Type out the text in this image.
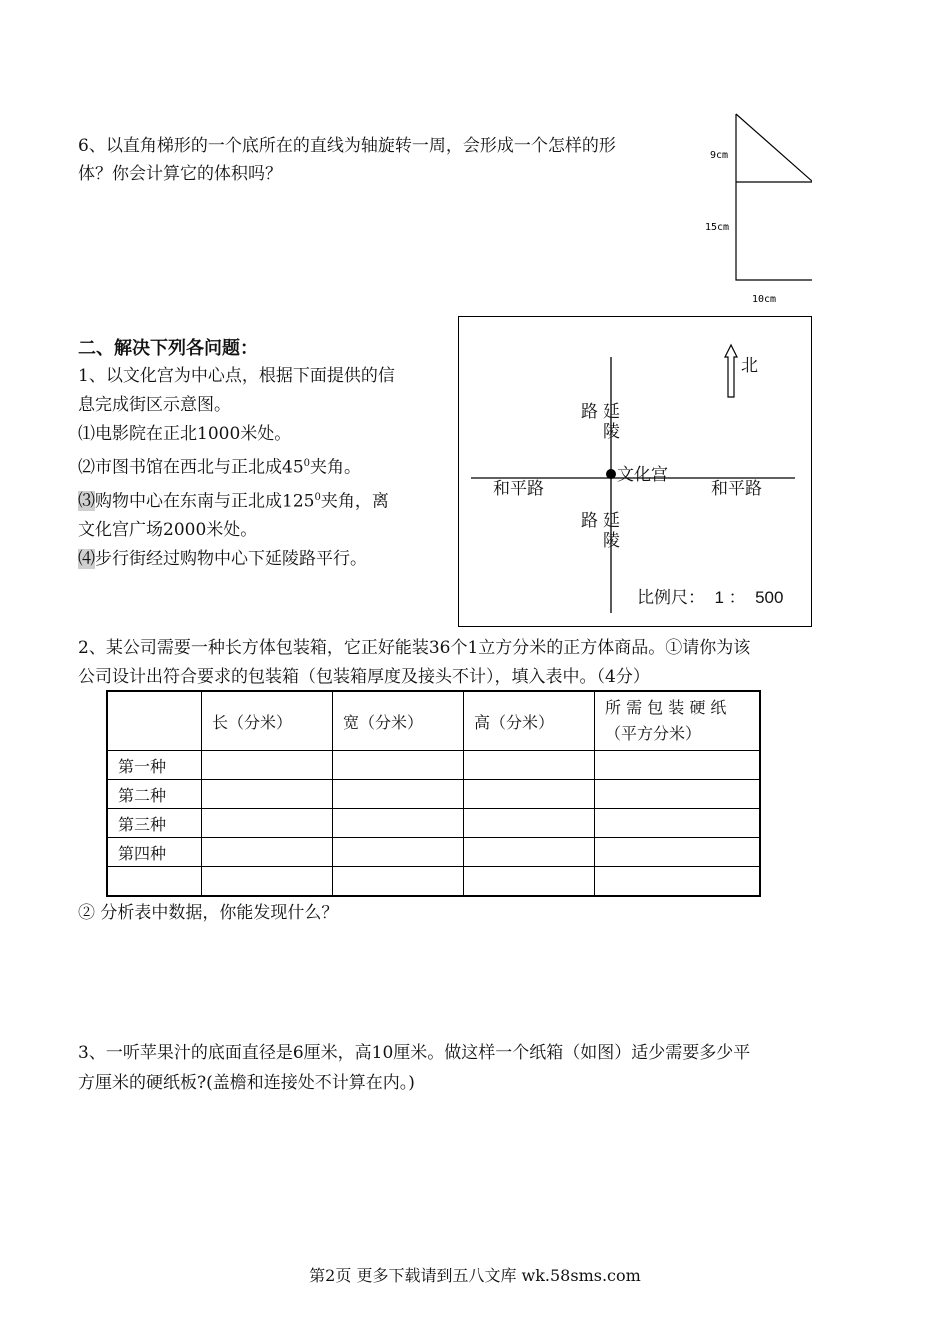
6、以直角梯形的一个底所在的直线为轴旋转一周，会形成一个怎样的形
体？你会计算它的体积吗？
9cm
15cm
10cm
二、解决下列各问题：
1、以文化宫为中心点，根据下面提供的信
息完成街区示意图。
⑴电影院在正北1000米处。
⑵市图书馆在西北与正北成$45^0$夹角。
⑶购物中心在东南与正北成$125^0$夹角，离
文化宫广场2000米处。
⑷步行街经过购物中心下延陵路平行。
北
路 延
陵
文化宫
和平路	和平路
路 延
陵
比例尺：  1 ：  500
2、某公司需要一种长方体包装箱，它正好能装36个1立方分米的正方体商品。①请你为该
公司设计出符合要求的包装箱（包装箱厚度及接头不计），填入表中。（4分）
	长（分米）	宽（分米）	高（分米）	所 需 包 装 硬 纸
（平方分米）

第一种				
第二种				
第三种				
第四种				

② 分析表中数据，你能发现什么？
3、一听苹果汁的底面直径是6厘米，高10厘米。做这样一个纸箱（如图）适少需要多少平
方厘米的硬纸板?(盖檐和连接处不计算在内。)
第2页 更多下载请到五八文库 wk.58sms.com
